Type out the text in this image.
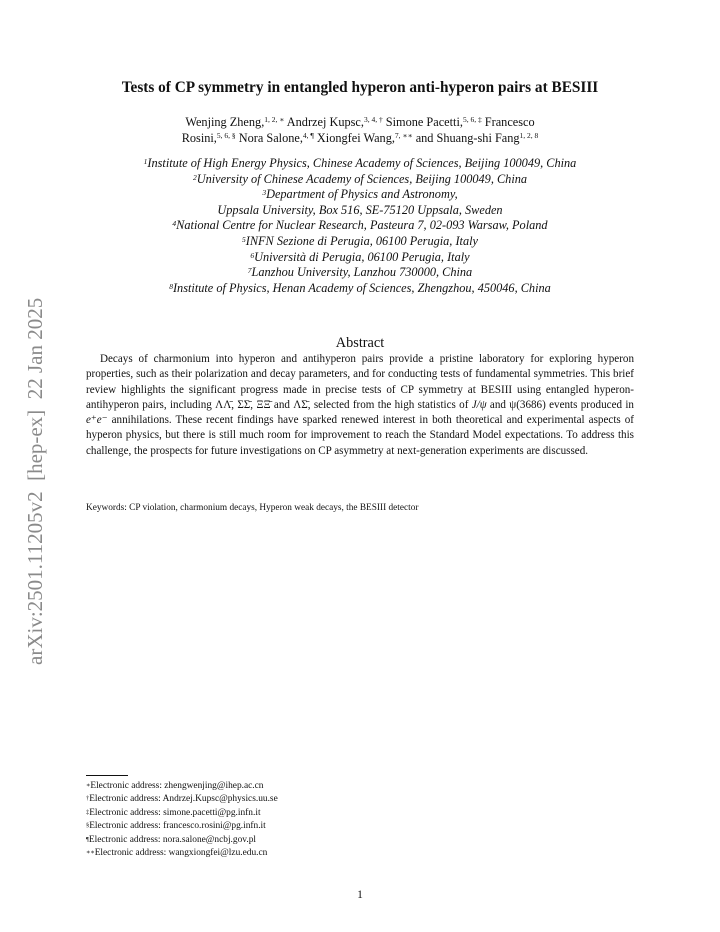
arXiv:2501.11205v2  [hep-ex]  22 Jan 2025
Tests of CP symmetry in entangled hyperon anti-hyperon pairs at BESIII
Wenjing Zheng,$^{1, 2, ∗}$ Andrzej Kupsc,$^{3, 4, \dagger}$ Simone Pacetti,$^{5, 6, \ddagger}$ Francesco
Rosini,$^{5, 6, \S}$ Nora Salone,$^{4, \P}$ Xiongfei Wang,$^{7, ∗∗}$ and Shuang-shi Fang$^{1, 2, 8}$
$^1$Institute of High Energy Physics, Chinese Academy of Sciences, Beijing 100049, China
$^2$University of Chinese Academy of Sciences, Beijing 100049, China
$^3$Department of Physics and Astronomy,
Uppsala University, Box 516, SE-75120 Uppsala, Sweden
$^4$National Centre for Nuclear Research, Pasteura 7, 02-093 Warsaw, Poland
$^5$INFN Sezione di Perugia, 06100 Perugia, Italy
$^6$Università di Perugia, 06100 Perugia, Italy
$^7$Lanzhou University, Lanzhou 730000, China
$^8$Institute of Physics, Henan Academy of Sciences, Zhengzhou, 450046, China
Abstract
Decays of charmonium into hyperon and antihyperon pairs provide a pristine laboratory for exploring hyperon properties, such as their polarization and decay parameters, and for conducting tests of fundamental symmetries. This brief review highlights the significant progress made in precise tests of CP symmetry at BESIII using entangled hyperon-antihyperon pairs, including ΛΛ̄, ΣΣ̄, ΞΞ̄ and ΛΣ̄, selected from the high statistics of J/ψ and ψ(3686) events produced in e⁺e⁻ annihilations. These recent findings have sparked renewed interest in both theoretical and experimental aspects of hyperon physics, but there is still much room for improvement to reach the Standard Model expectations. To address this challenge, the prospects for future investigations on CP asymmetry at next-generation experiments are discussed.
Keywords: CP violation, charmonium decays, Hyperon weak decays, the BESIII detector
∗Electronic address: zhengwenjing@ihep.ac.cn
†Electronic address: Andrzej.Kupsc@physics.uu.se
‡Electronic address: simone.pacetti@pg.infn.it
§Electronic address: francesco.rosini@pg.infn.it
¶Electronic address: nora.salone@ncbj.gov.pl
∗∗Electronic address: wangxiongfei@lzu.edu.cn
1
